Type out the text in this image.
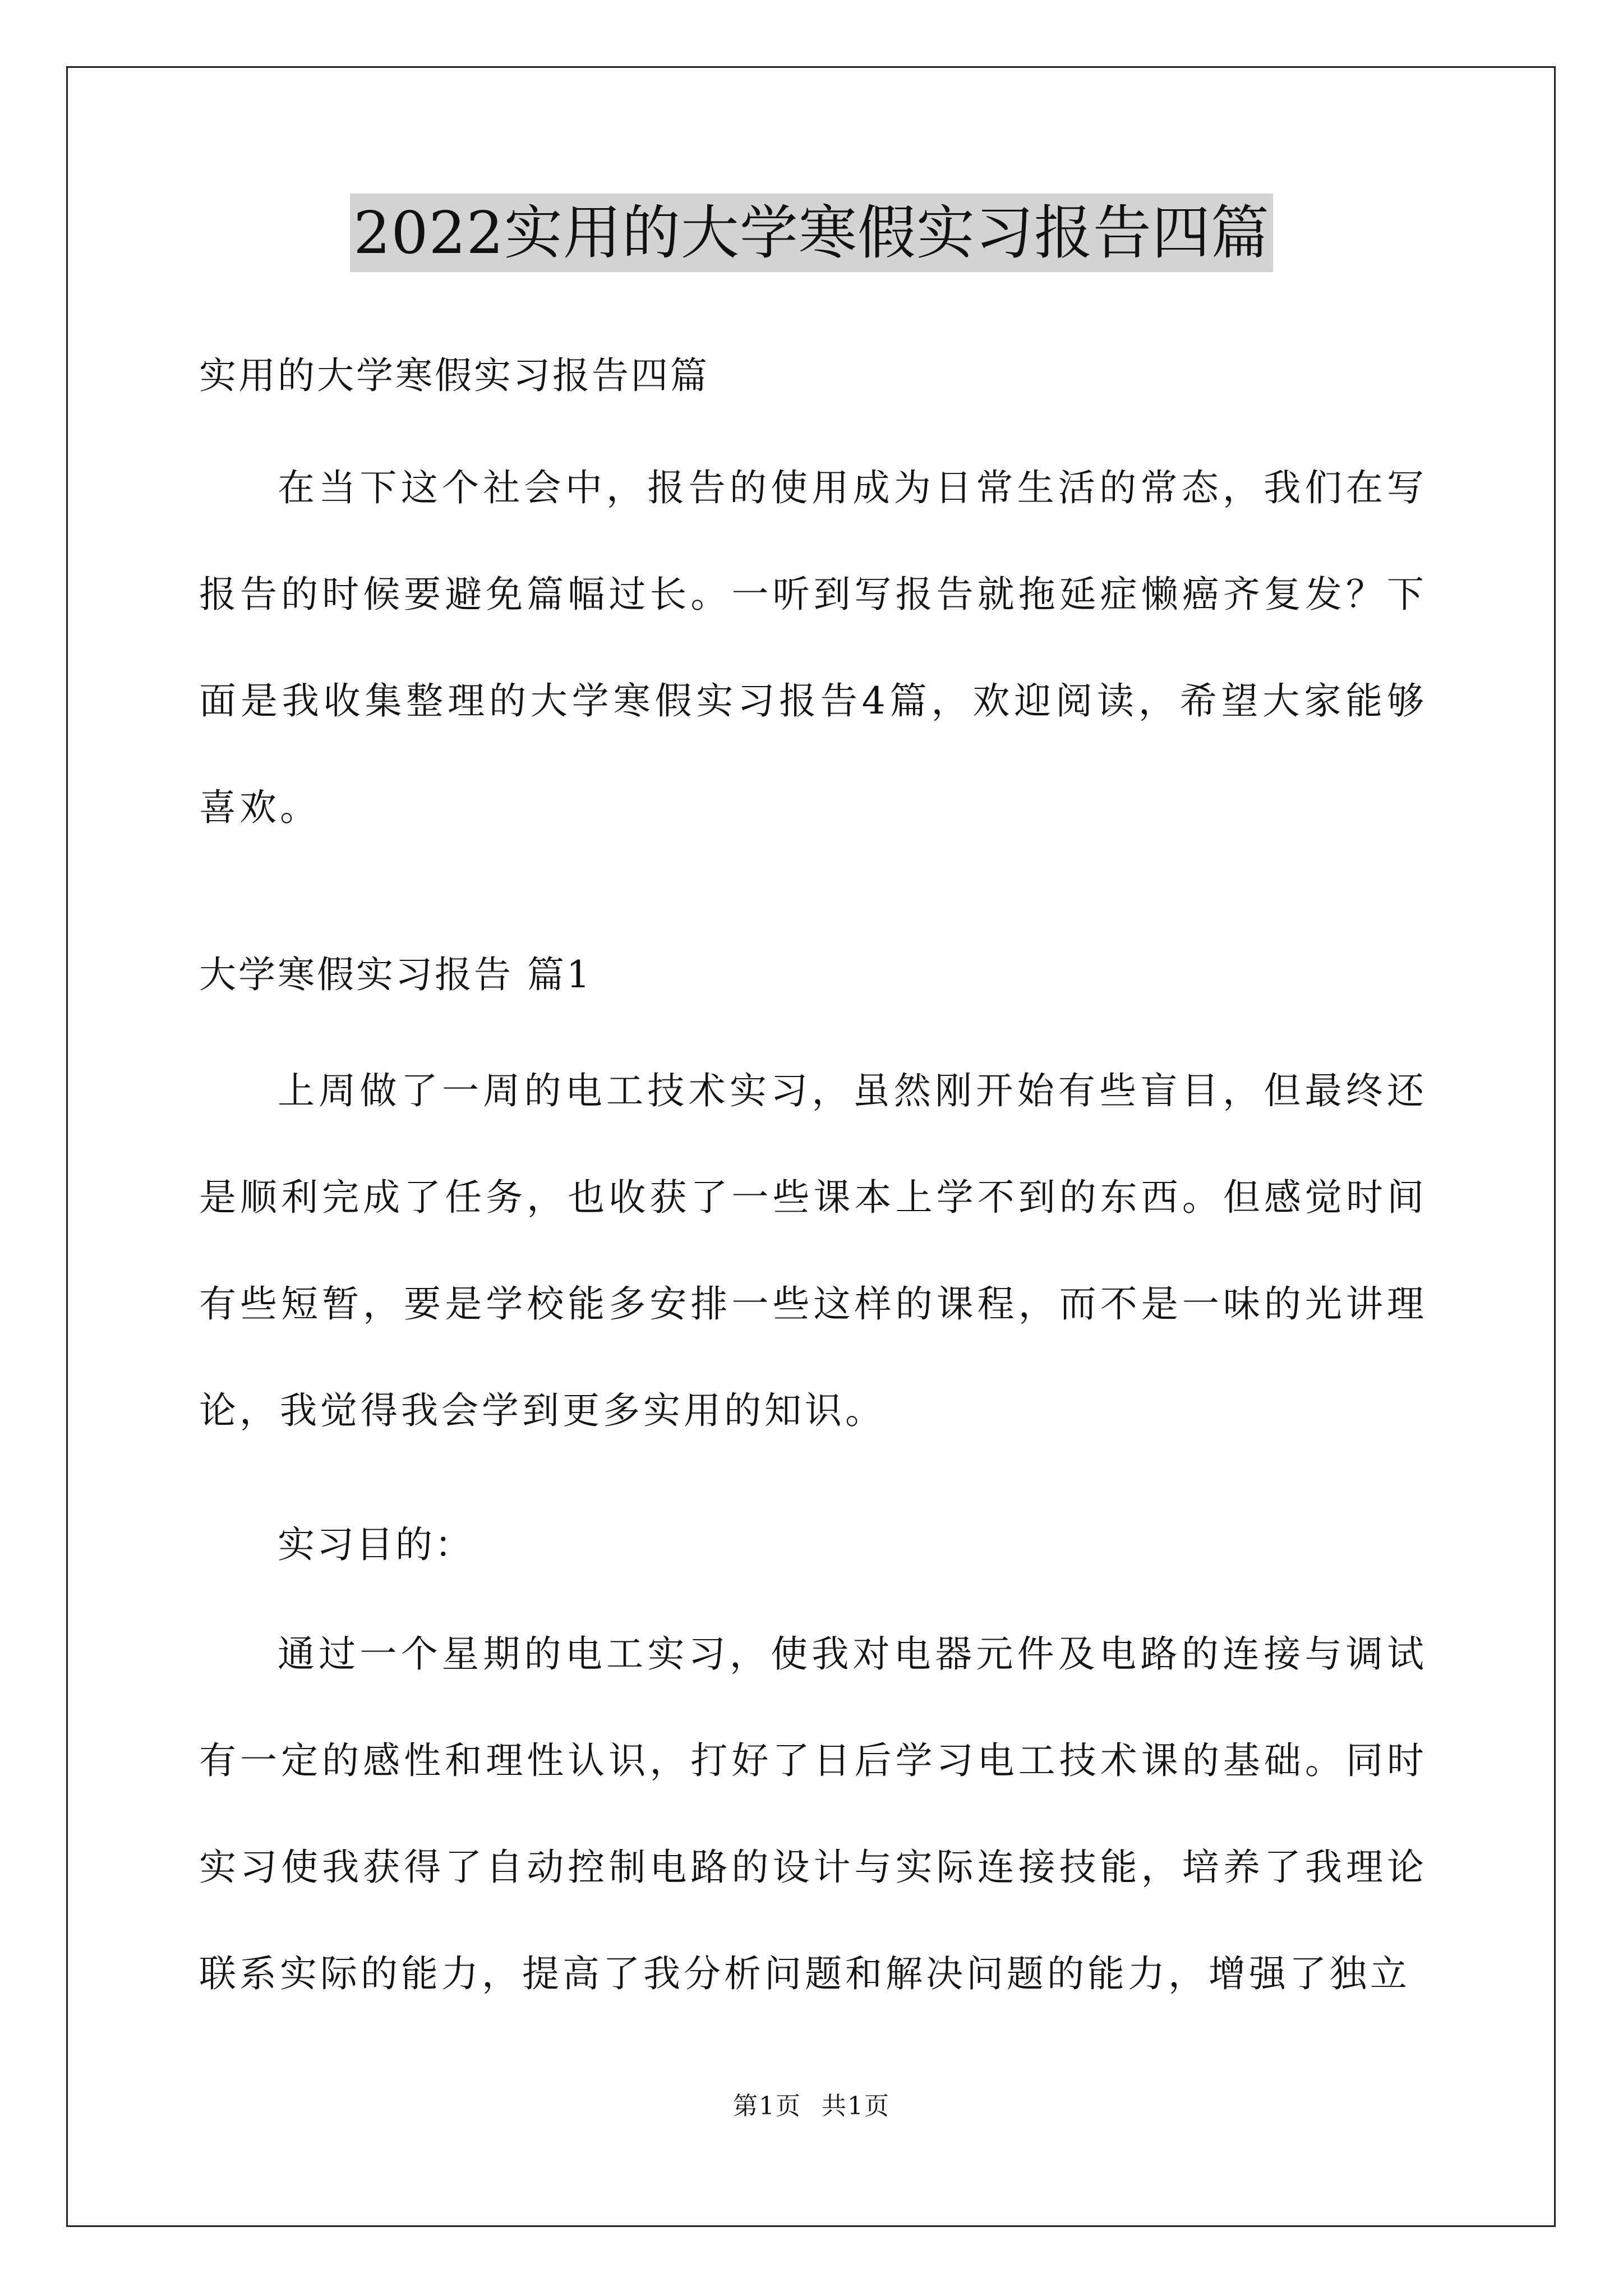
2022实用的大学寒假实习报告四篇
实用的大学寒假实习报告四篇

在当下这个社会中，报告的使用成为日常生活的常态，我们在写报告的时候要避免篇幅过长。一听到写报告就拖延症懒癌齐复发？下面是我收集整理的大学寒假实习报告4篇，欢迎阅读，希望大家能够喜欢。

大学寒假实习报告 篇1

上周做了一周的电工技术实习，虽然刚开始有些盲目，但最终还是顺利完成了任务，也收获了一些课本上学不到的东西。但感觉时间有些短暂，要是学校能多安排一些这样的课程，而不是一味的光讲理论，我觉得我会学到更多实用的知识。

实习目的：

通过一个星期的电工实习，使我对电器元件及电路的连接与调试有一定的感性和理性认识，打好了日后学习电工技术课的基础。同时实习使我获得了自动控制电路的设计与实际连接技能，培养了我理论联系实际的能力，提高了我分析问题和解决问题的能力，增强了独立

第1页 共1页
